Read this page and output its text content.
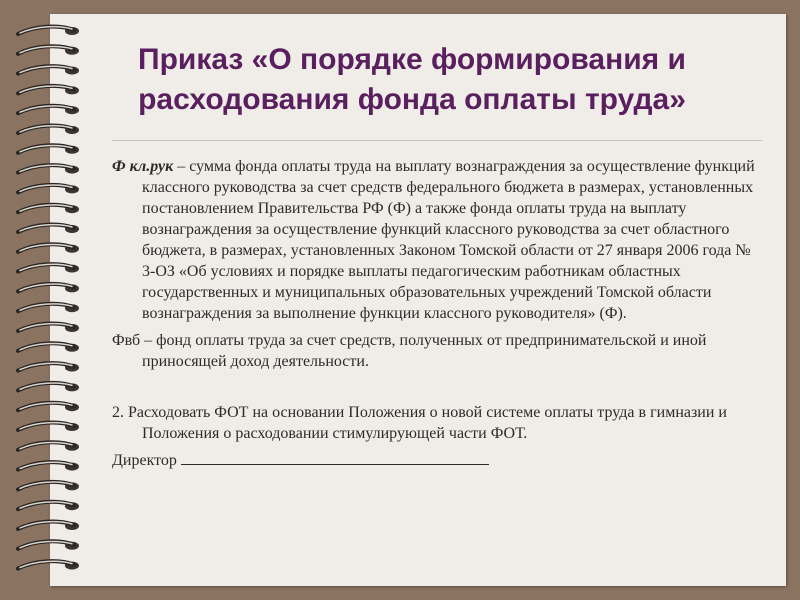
Приказ «О порядке формирования и
расходования фонда оплаты труда»

Ф кл.рук – сумма фонда оплаты труда на выплату вознаграждения за осуществление функций классного руководства за счет средств федерального бюджета в размерах, установленных постановлением Правительства РФ (Ф) а также фонда оплаты труда на выплату вознаграждения за осуществление функций классного руководства за счет областного бюджета, в размерах, установленных Законом Томской области от 27 января 2006 года № 3-ОЗ «Об условиях и порядке выплаты педагогическим работникам областных государственных и муниципальных образовательных учреждений Томской области вознаграждения за выполнение функции классного руководителя» (Ф).

Фвб – фонд оплаты труда за счет средств, полученных от предпринимательской и иной приносящей доход деятельности.

2. Расходовать ФОТ на основании Положения о новой системе оплаты труда в гимназии и Положения о расходовании стимулирующей части ФОТ.

Директор
